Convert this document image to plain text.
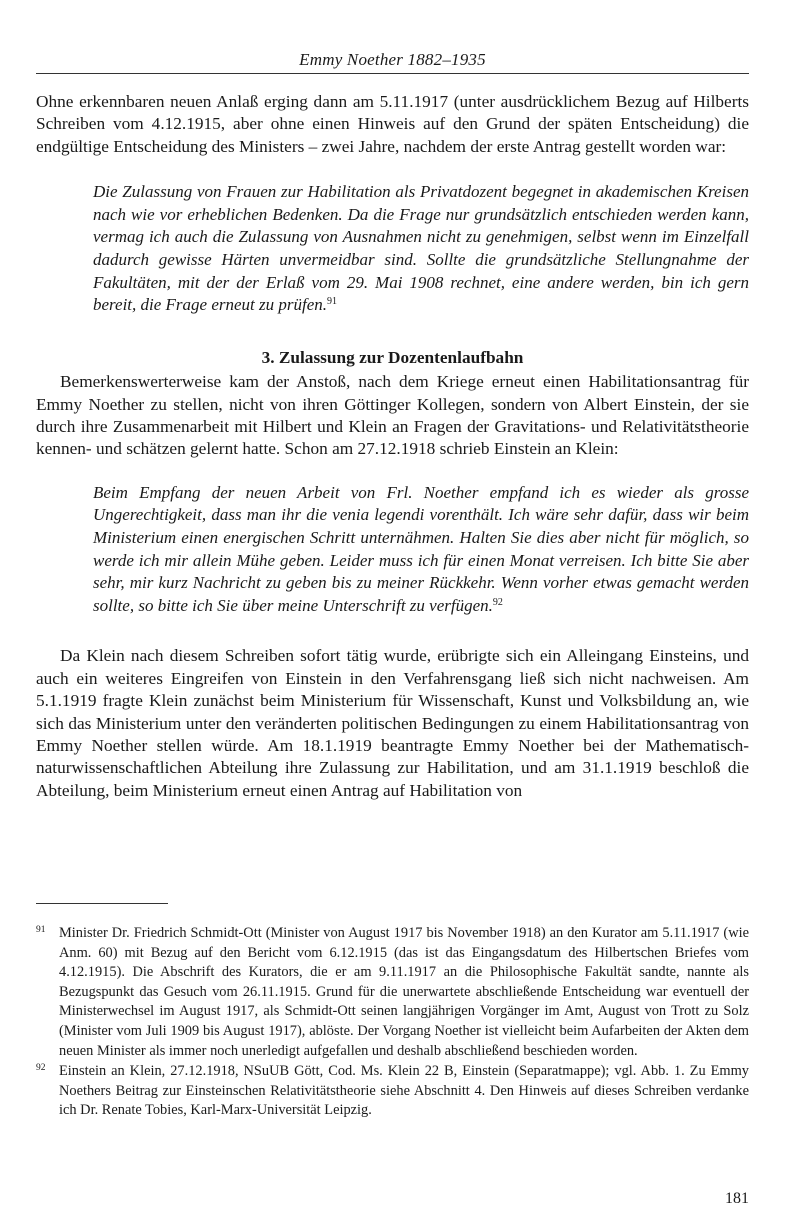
Emmy Noether 1882–1935

Ohne erkennbaren neuen Anlaß erging dann am 5.11.1917 (unter ausdrücklichem Bezug auf Hilberts Schreiben vom 4.12.1915, aber ohne einen Hinweis auf den Grund der späten Entscheidung) die endgültige Entscheidung des Ministers – zwei Jahre, nachdem der erste Antrag gestellt worden war:

Die Zulassung von Frauen zur Habilitation als Privatdozent begegnet in akademischen Kreisen nach wie vor erheblichen Bedenken. Da die Frage nur grundsätzlich entschieden werden kann, vermag ich auch die Zulassung von Ausnahmen nicht zu genehmigen, selbst wenn im Einzelfall dadurch gewisse Härten unvermeidbar sind. Sollte die grundsätzliche Stellungnahme der Fakultäten, mit der der Erlaß vom 29. Mai 1908 rechnet, eine andere werden, bin ich gern bereit, die Frage erneut zu prüfen.$^{91}$

3. Zulassung zur Dozentenlaufbahn

Bemerkenswerterweise kam der Anstoß, nach dem Kriege erneut einen Habilitationsantrag für Emmy Noether zu stellen, nicht von ihren Göttinger Kollegen, sondern von Albert Einstein, der sie durch ihre Zusammenarbeit mit Hilbert und Klein an Fragen der Gravitations- und Relativitätstheorie kennen- und schätzen gelernt hatte. Schon am 27.12.1918 schrieb Einstein an Klein:

Beim Empfang der neuen Arbeit von Frl. Noether empfand ich es wieder als grosse Ungerechtigkeit, dass man ihr die venia legendi vorenthält. Ich wäre sehr dafür, dass wir beim Ministerium einen energischen Schritt unternähmen. Halten Sie dies aber nicht für möglich, so werde ich mir allein Mühe geben. Leider muss ich für einen Monat verreisen. Ich bitte Sie aber sehr, mir kurz Nachricht zu geben bis zu meiner Rückkehr. Wenn vorher etwas gemacht werden sollte, so bitte ich Sie über meine Unterschrift zu verfügen.$^{92}$

Da Klein nach diesem Schreiben sofort tätig wurde, erübrigte sich ein Alleingang Einsteins, und auch ein weiteres Eingreifen von Einstein in den Verfahrensgang ließ sich nicht nachweisen. Am 5.1.1919 fragte Klein zunächst beim Ministerium für Wissenschaft, Kunst und Volksbildung an, wie sich das Ministerium unter den veränderten politischen Bedingungen zu einem Habilitationsantrag von Emmy Noether stellen würde. Am 18.1.1919 beantragte Emmy Noether bei der Mathematisch-naturwissenschaftlichen Abteilung ihre Zulassung zur Habilitation, und am 31.1.1919 beschloß die Abteilung, beim Ministerium erneut einen Antrag auf Habilitation von

91 Minister Dr. Friedrich Schmidt-Ott (Minister von August 1917 bis November 1918) an den Kurator am 5.11.1917 (wie Anm. 60) mit Bezug auf den Bericht vom 6.12.1915 (das ist das Eingangsdatum des Hilbertschen Briefes vom 4.12.1915). Die Abschrift des Kurators, die er am 9.11.1917 an die Philosophische Fakultät sandte, nannte als Bezugspunkt das Gesuch vom 26.11.1915. Grund für die unerwartete abschließende Entscheidung war eventuell der Ministerwechsel im August 1917, als Schmidt-Ott seinen langjährigen Vorgänger im Amt, August von Trott zu Solz (Minister vom Juli 1909 bis August 1917), ablöste. Der Vorgang Noether ist vielleicht beim Aufarbeiten der Akten dem neuen Minister als immer noch unerledigt aufgefallen und deshalb abschließend beschieden worden.

92 Einstein an Klein, 27.12.1918, NSuUB Gött, Cod. Ms. Klein 22 B, Einstein (Separatmappe); vgl. Abb. 1. Zu Emmy Noethers Beitrag zur Einsteinschen Relativitätstheorie siehe Abschnitt 4. Den Hinweis auf dieses Schreiben verdanke ich Dr. Renate Tobies, Karl-Marx-Universität Leipzig.

181
